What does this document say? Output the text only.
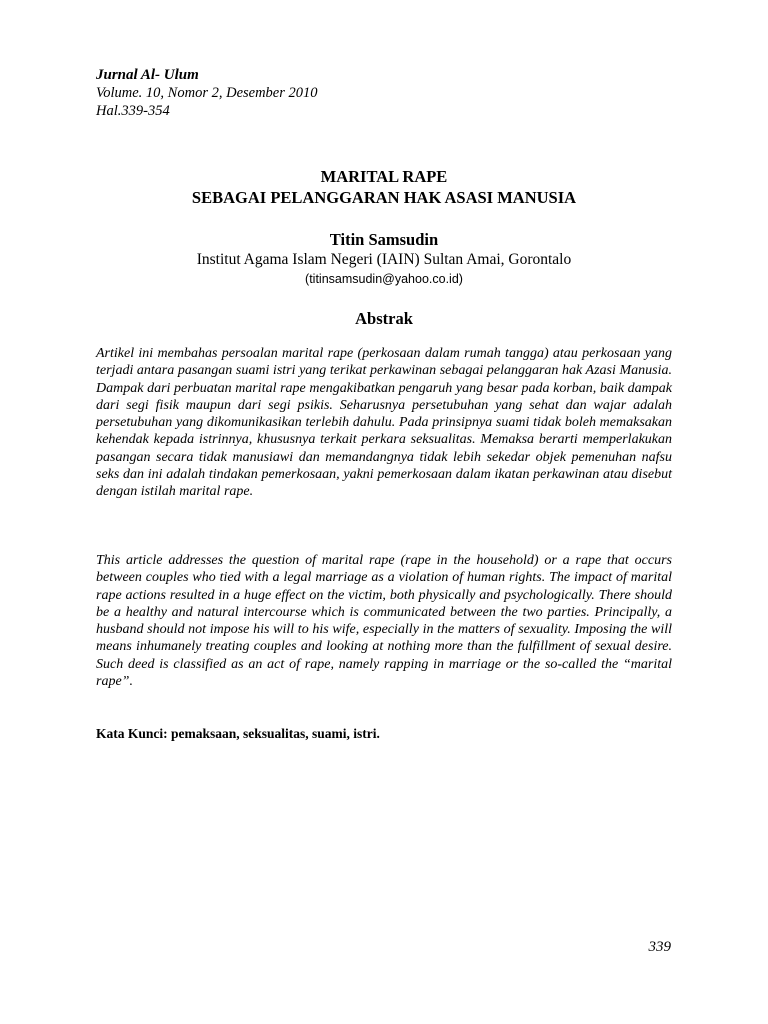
Jurnal Al- Ulum
Volume. 10, Nomor 2, Desember 2010
Hal.339-354
MARITAL RAPE
SEBAGAI PELANGGARAN HAK ASASI MANUSIA
Titin Samsudin
Institut Agama Islam Negeri (IAIN) Sultan Amai, Gorontalo
(titinsamsudin@yahoo.co.id)
Abstrak

Artikel ini membahas persoalan marital rape (perkosaan dalam rumah tangga) atau perkosaan yang terjadi antara pasangan suami istri yang terikat perkawinan sebagai pelanggaran hak Azasi Manusia. Dampak dari perbuatan marital rape mengakibatkan pengaruh yang besar pada korban, baik dampak dari segi fisik maupun dari segi psikis. Seharusnya persetubuhan yang sehat dan wajar adalah persetubuhan yang dikomunikasikan terlebih dahulu. Pada prinsipnya suami tidak boleh memaksakan kehendak kepada istrinnya, khususnya terkait perkara seksualitas. Memaksa berarti memperlakukan pasangan secara tidak manusiawi dan memandangnya tidak lebih sekedar objek pemenuhan nafsu seks dan ini adalah tindakan pemerkosaan, yakni pemerkosaan dalam ikatan perkawinan atau disebut dengan istilah marital rape.

This article addresses the question of marital rape (rape in the household) or a rape that occurs between couples who tied with a legal marriage as a violation of human rights. The impact of marital rape actions resulted in a huge effect on the victim, both physically and psychologically. There should be a healthy and natural intercourse which is communicated between the two parties. Principally, a husband should not impose his will to his wife, especially in the matters of sexuality. Imposing the will means inhumanely treating couples and looking at nothing more than the fulfillment of sexual desire. Such deed is classified as an act of rape, namely rapping in marriage or the so-called the “marital rape”.

Kata Kunci: pemaksaan, seksualitas, suami, istri.
339
